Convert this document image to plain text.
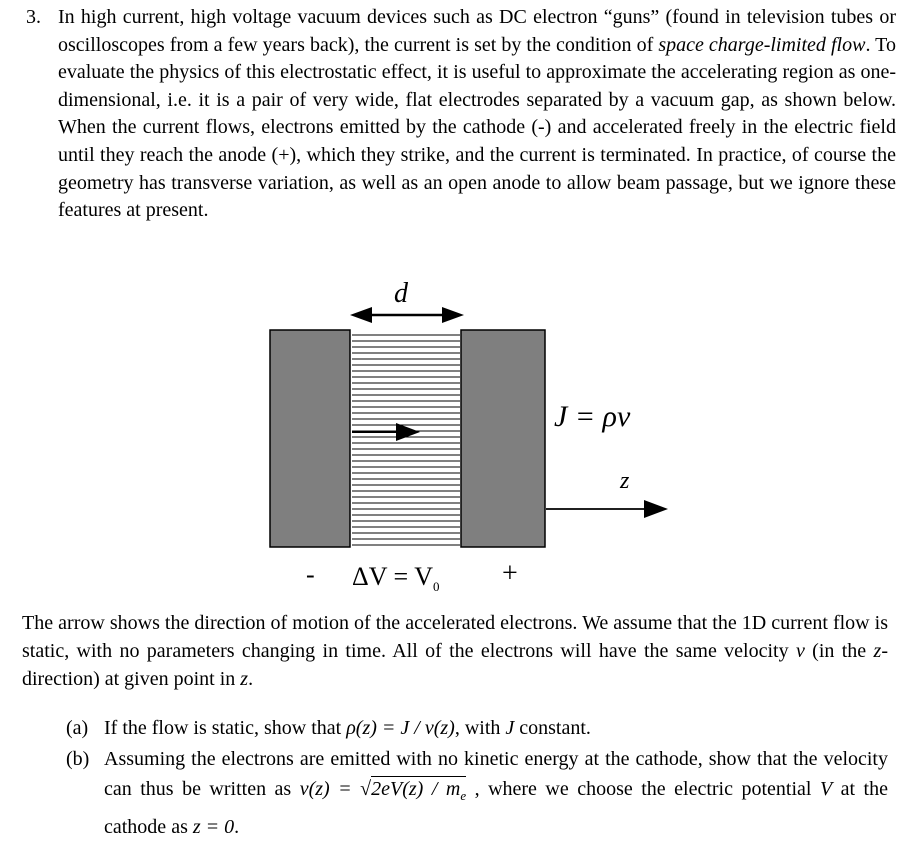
3. In high current, high voltage vacuum devices such as DC electron “guns” (found in television tubes or oscilloscopes from a few years back), the current is set by the condition of space charge-limited flow. To evaluate the physics of this electrostatic effect, it is useful to approximate the accelerating region as one-dimensional, i.e. it is a pair of very wide, flat electrodes separated by a vacuum gap, as shown below. When the current flows, electrons emitted by the cathode (-) and accelerated freely in the electric field until they reach the anode (+), which they strike, and the current is terminated. In practice, of course the geometry has transverse variation, as well as an open anode to allow beam passage, but we ignore these features at present.
d
J = ρv
z
- $\Delta V = V_0$ +
The arrow shows the direction of motion of the accelerated electrons. We assume that the 1D current flow is static, with no parameters changing in time. All of the electrons will have the same velocity v (in the z-direction) at given point in z.
(a) If the flow is static, show that ρ(z) = J / v(z), with J constant.
(b) Assuming the electrons are emitted with no kinetic energy at the cathode, show that the velocity can thus be written as $v(z) = √2eV(z) / m_e$ , where we choose the electric potential V at the cathode as z = 0.
